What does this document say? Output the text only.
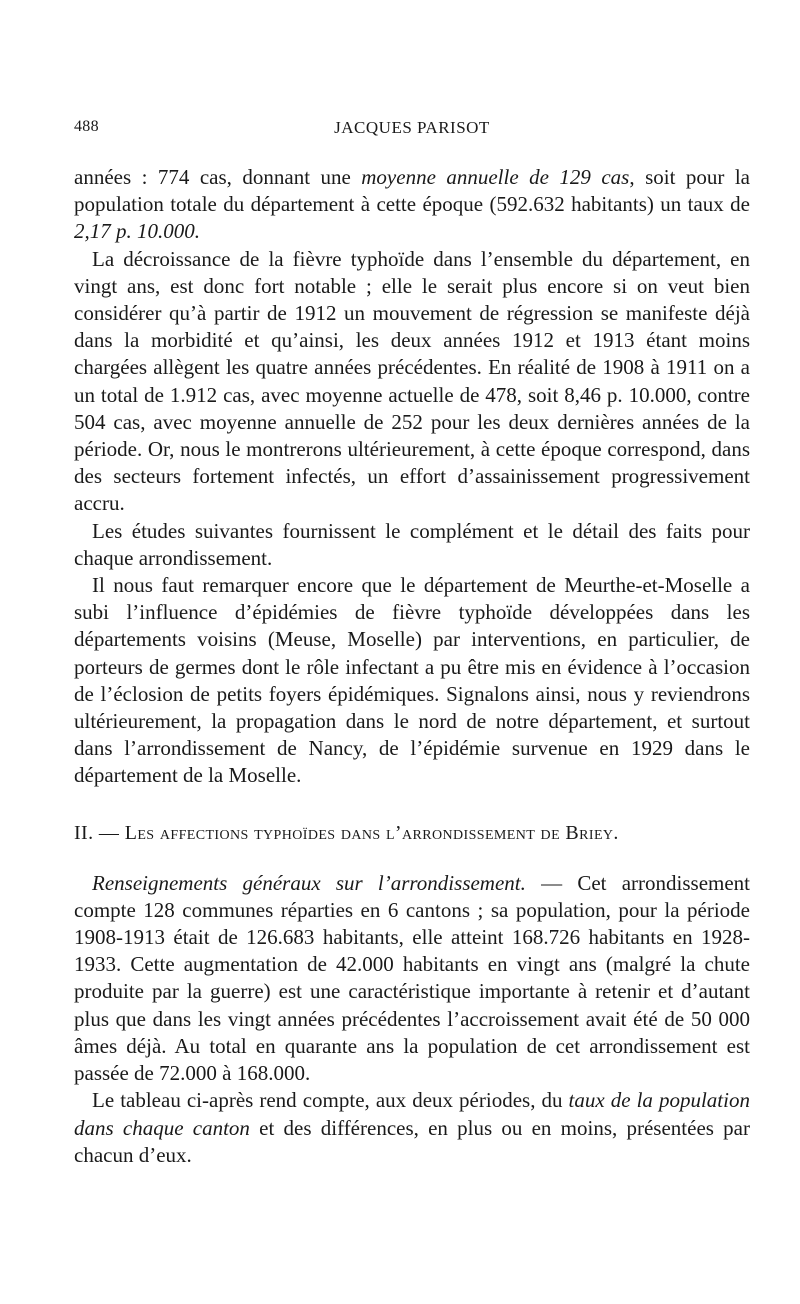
488	JACQUES PARISOT

années : 774 cas, donnant une moyenne annuelle de 129 cas, soit pour la population totale du département à cette époque (592.632 habitants) un taux de 2,17 p. 10.000.

La décroissance de la fièvre typhoïde dans l’ensemble du département, en vingt ans, est donc fort notable ; elle le serait plus encore si on veut bien considérer qu’à partir de 1912 un mouvement de régression se manifeste déjà dans la morbidité et qu’ainsi, les deux années 1912 et 1913 étant moins chargées allègent les quatre années précédentes. En réalité de 1908 à 1911 on a un total de 1.912 cas, avec moyenne actuelle de 478, soit 8,46 p. 10.000, contre 504 cas, avec moyenne annuelle de 252 pour les deux dernières années de la période. Or, nous le montrerons ultérieurement, à cette époque correspond, dans des secteurs fortement infectés, un effort d’assainissement progressivement accru.

Les études suivantes fournissent le complément et le détail des faits pour chaque arrondissement.

Il nous faut remarquer encore que le département de Meurthe-et-Moselle a subi l’influence d’épidémies de fièvre typhoïde développées dans les départements voisins (Meuse, Moselle) par interventions, en particulier, de porteurs de germes dont le rôle infectant a pu être mis en évidence à l’occasion de l’éclosion de petits foyers épidémiques. Signalons ainsi, nous y reviendrons ultérieurement, la propagation dans le nord de notre département, et surtout dans l’arrondissement de Nancy, de l’épidémie survenue en 1929 dans le département de la Moselle.

II. — Les affections typhoïdes dans l’arrondissement de Briey.

Renseignements généraux sur l’arrondissement. — Cet arrondissement compte 128 communes réparties en 6 cantons ; sa population, pour la période 1908-1913 était de 126.683 habitants, elle atteint 168.726 habitants en 1928-1933. Cette augmentation de 42.000 habitants en vingt ans (malgré la chute produite par la guerre) est une caractéristique importante à retenir et d’autant plus que dans les vingt années précédentes l’accroissement avait été de 50 000 âmes déjà. Au total en quarante ans la population de cet arrondissement est passée de 72.000 à 168.000.

Le tableau ci-après rend compte, aux deux périodes, du taux de la population dans chaque canton et des différences, en plus ou en moins, présentées par chacun d’eux.
